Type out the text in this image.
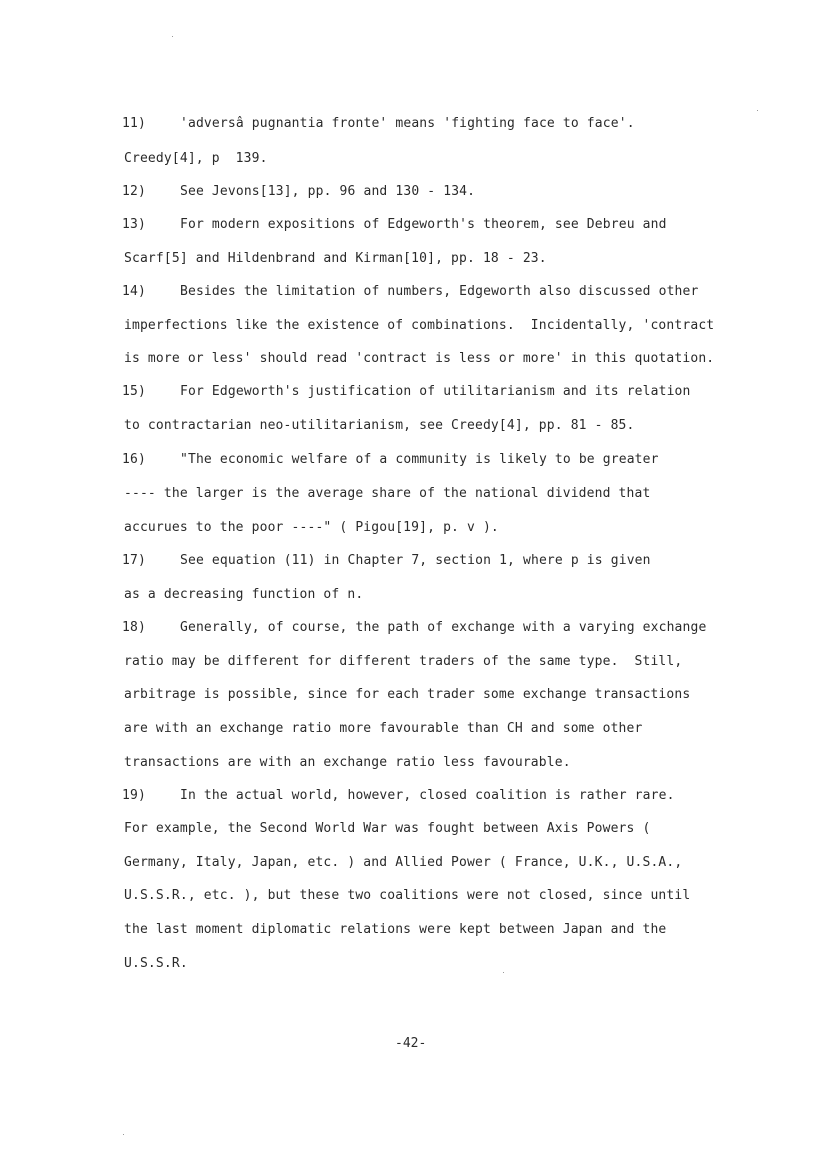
11)	'adversâ pugnantia fronte' means 'fighting face to face'.
Creedy[4], p  139.
12)	See Jevons[13], pp. 96 and 130 - 134.
13)	For modern expositions of Edgeworth's theorem, see Debreu and
Scarf[5] and Hildenbrand and Kirman[10], pp. 18 - 23.
14)	Besides the limitation of numbers, Edgeworth also discussed other
imperfections like the existence of combinations.  Incidentally, 'contract
is more or less' should read 'contract is less or more' in this quotation.
15)	For Edgeworth's justification of utilitarianism and its relation
to contractarian neo-utilitarianism, see Creedy[4], pp. 81 - 85.
16)	"The economic welfare of a community is likely to be greater
---- the larger is the average share of the national dividend that
accurues to the poor ----" ( Pigou[19], p. v ).
17)	See equation (11) in Chapter 7, section 1, where p is given
as a decreasing function of n.
18)	Generally, of course, the path of exchange with a varying exchange
ratio may be different for different traders of the same type.  Still,
arbitrage is possible, since for each trader some exchange transactions
are with an exchange ratio more favourable than CH and some other
transactions are with an exchange ratio less favourable.
19)	In the actual world, however, closed coalition is rather rare.
For example, the Second World War was fought between Axis Powers (
Germany, Italy, Japan, etc. ) and Allied Power ( France, U.K., U.S.A.,
U.S.S.R., etc. ), but these two coalitions were not closed, since until
the last moment diplomatic relations were kept between Japan and the
U.S.S.R.
-42-
